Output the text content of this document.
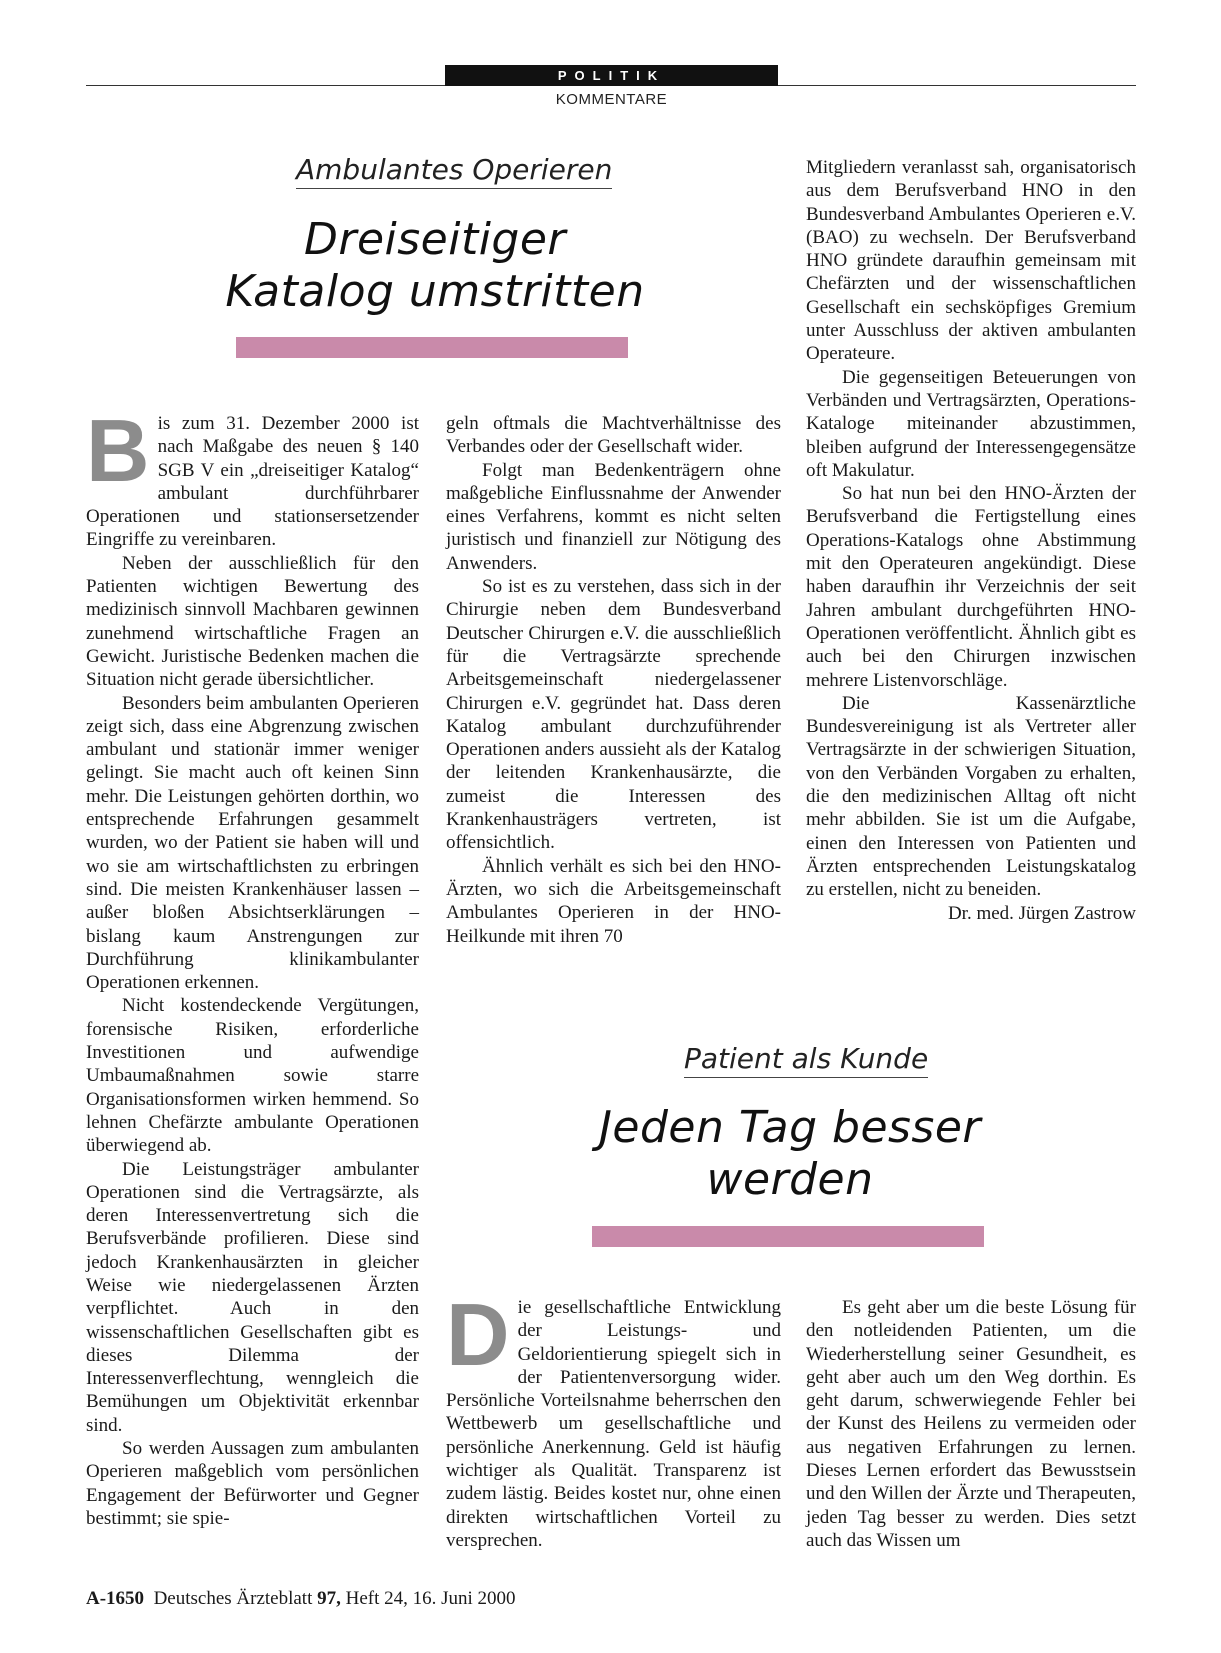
POLITIK
KOMMENTARE
Ambulantes Operieren
Dreiseitiger
Katalog umstritten

Bis zum 31. Dezember 2000 ist nach Maßgabe des neuen § 140 SGB V ein „dreiseitiger Katalog“ ambulant durchführbarer Operationen und stationsersetzender Eingriffe zu vereinbaren.

Neben der ausschließlich für den Patienten wichtigen Bewertung des medizinisch sinnvoll Machbaren gewinnen zunehmend wirtschaftliche Fragen an Gewicht. Juristische Bedenken machen die Situation nicht gerade übersichtlicher.

Besonders beim ambulanten Operieren zeigt sich, dass eine Abgrenzung zwischen ambulant und stationär immer weniger gelingt. Sie macht auch oft keinen Sinn mehr. Die Leistungen gehörten dorthin, wo entsprechende Erfahrungen gesammelt wurden, wo der Patient sie haben will und wo sie am wirtschaftlichsten zu erbringen sind. Die meisten Krankenhäuser lassen – außer bloßen Absichtserklärungen – bislang kaum Anstrengungen zur Durchführung klinikambulanter Operationen erkennen.

Nicht kostendeckende Vergütungen, forensische Risiken, erforderliche Investitionen und aufwendige Umbaumaßnahmen sowie starre Organisationsformen wirken hemmend. So lehnen Chefärzte ambulante Operationen überwiegend ab.

Die Leistungsträger ambulanter Operationen sind die Vertragsärzte, als deren Interessenvertretung sich die Berufsverbände profilieren. Diese sind jedoch Krankenhausärzten in gleicher Weise wie niedergelassenen Ärzten verpflichtet. Auch in den wissenschaftlichen Gesellschaften gibt es dieses Dilemma der Interessenverflechtung, wenngleich die Bemühungen um Objektivität erkennbar sind.

So werden Aussagen zum ambulanten Operieren maßgeblich vom persönlichen Engagement der Befürworter und Gegner bestimmt; sie spie-

geln oftmals die Machtverhältnisse des Verbandes oder der Gesellschaft wider.

Folgt man Bedenkenträgern ohne maßgebliche Einflussnahme der Anwender eines Verfahrens, kommt es nicht selten juristisch und finanziell zur Nötigung des Anwenders.

So ist es zu verstehen, dass sich in der Chirurgie neben dem Bundesverband Deutscher Chirurgen e.V. die ausschließlich für die Vertragsärzte sprechende Arbeitsgemeinschaft niedergelassener Chirurgen e.V. gegründet hat. Dass deren Katalog ambulant durchzuführender Operationen anders aussieht als der Katalog der leitenden Krankenhausärzte, die zumeist die Interessen des Krankenhausträgers vertreten, ist offensichtlich.

Ähnlich verhält es sich bei den HNO-Ärzten, wo sich die Arbeitsgemeinschaft Ambulantes Operieren in der HNO-Heilkunde mit ihren 70

Mitgliedern veranlasst sah, organisatorisch aus dem Berufsverband HNO in den Bundesverband Ambulantes Operieren e.V. (BAO) zu wechseln. Der Berufsverband HNO gründete daraufhin gemeinsam mit Chefärzten und der wissenschaftlichen Gesellschaft ein sechsköpfiges Gremium unter Ausschluss der aktiven ambulanten Operateure.

Die gegenseitigen Beteuerungen von Verbänden und Vertragsärzten, Operations-Kataloge miteinander abzustimmen, bleiben aufgrund der Interessengegensätze oft Makulatur.

So hat nun bei den HNO-Ärzten der Berufsverband die Fertigstellung eines Operations-Katalogs ohne Abstimmung mit den Operateuren angekündigt. Diese haben daraufhin ihr Verzeichnis der seit Jahren ambulant durchgeführten HNO-Operationen veröffentlicht. Ähnlich gibt es auch bei den Chirurgen inzwischen mehrere Listenvorschläge.

Die Kassenärztliche Bundesvereinigung ist als Vertreter aller Vertragsärzte in der schwierigen Situation, von den Verbänden Vorgaben zu erhalten, die den medizinischen Alltag oft nicht mehr abbilden. Sie ist um die Aufgabe, einen den Interessen von Patienten und Ärzten entsprechenden Leistungskatalog zu erstellen, nicht zu beneiden.
Dr. med. Jürgen Zastrow

Patient als Kunde
Jeden Tag besser
werden

Die gesellschaftliche Entwicklung der Leistungs- und Geldorientierung spiegelt sich in der Patientenversorgung wider. Persönliche Vorteilsnahme beherrschen den Wettbewerb um gesellschaftliche und persönliche Anerkennung. Geld ist häufig wichtiger als Qualität. Transparenz ist zudem lästig. Beides kostet nur, ohne einen direkten wirtschaftlichen Vorteil zu versprechen.

Es geht aber um die beste Lösung für den notleidenden Patienten, um die Wiederherstellung seiner Gesundheit, es geht aber auch um den Weg dorthin. Es geht darum, schwerwiegende Fehler bei der Kunst des Heilens zu vermeiden oder aus negativen Erfahrungen zu lernen. Dieses Lernen erfordert das Bewusstsein und den Willen der Ärzte und Therapeuten, jeden Tag besser zu werden. Dies setzt auch das Wissen um

A-1650 Deutsches Ärzteblatt 97, Heft 24, 16. Juni 2000
